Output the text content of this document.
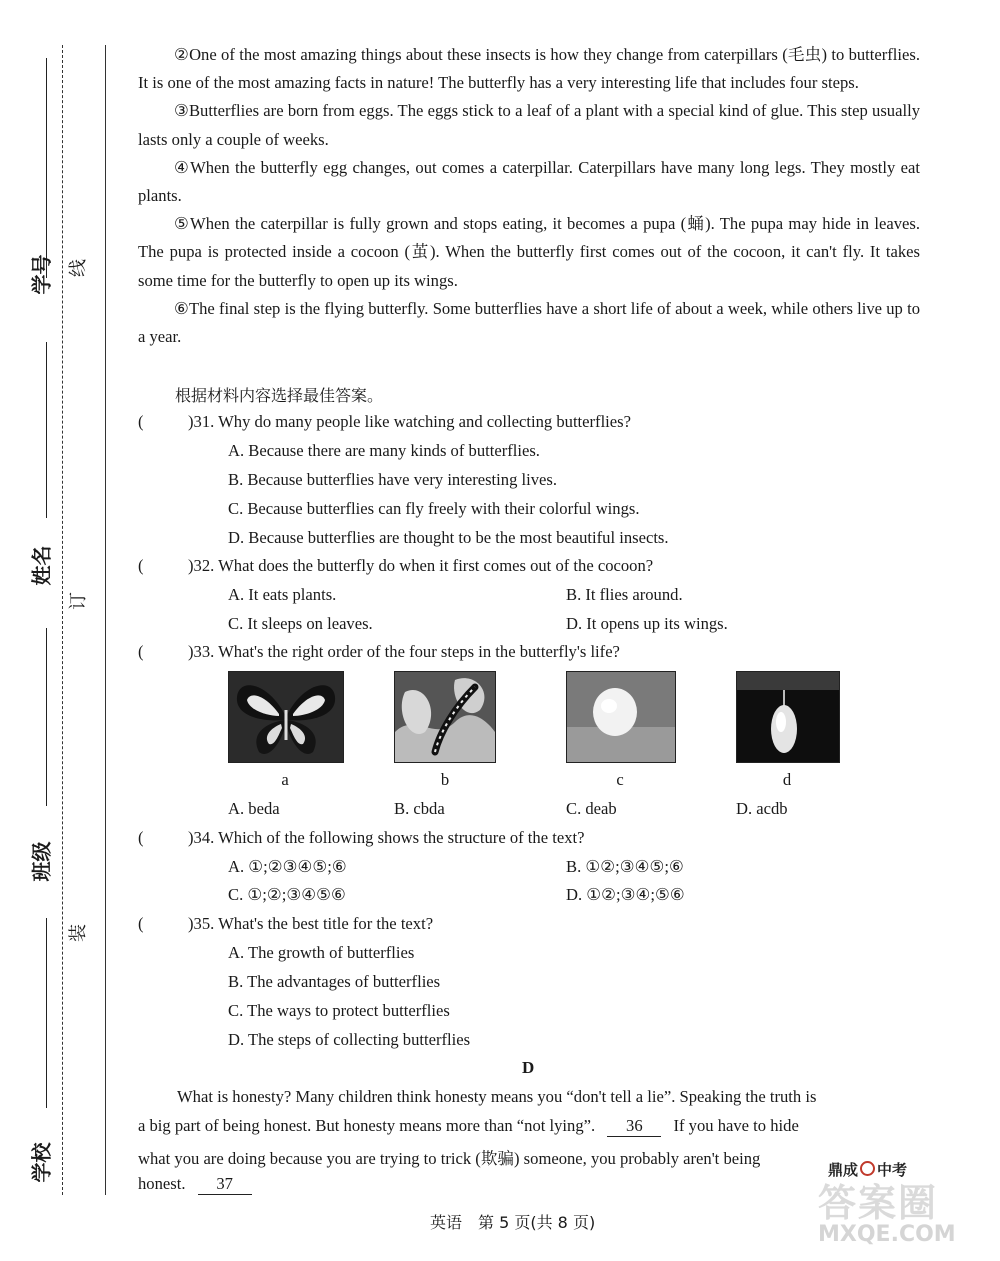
学号
姓名
班级
学校
线
订
装

②One of the most amazing things about these insects is how they change from caterpillars (毛虫) to butterflies. It is one of the most amazing facts in nature! The butterfly has a very interesting life that includes four steps.

③Butterflies are born from eggs. The eggs stick to a leaf of a plant with a special kind of glue. This step usually lasts only a couple of weeks.

④When the butterfly egg changes, out comes a caterpillar. Caterpillars have many long legs. They mostly eat plants.

⑤When the caterpillar is fully grown and stops eating, it becomes a pupa (蛹). The pupa may hide in leaves. The pupa is protected inside a cocoon (茧). When the butterfly first comes out of the cocoon, it can't fly. It takes some time for the butterfly to open up its wings.

⑥The final step is the flying butterfly. Some butterflies have a short life of about a week, while others live up to a year.

根据材料内容选择最佳答案。
(	)31. Why do many people like watching and collecting butterflies?
A. Because there are many kinds of butterflies.
B. Because butterflies have very interesting lives.
C. Because butterflies can fly freely with their colorful wings.
D. Because butterflies are thought to be the most beautiful insects.
(	)32. What does the butterfly do when it first comes out of the cocoon?
A. It eats plants.	B. It flies around.
C. It sleeps on leaves.	D. It opens up its wings.
(	)33. What's the right order of the four steps in the butterfly's life?
a	b	c	d
A. beda	B. cbda	C. deab	D. acdb
(	)34. Which of the following shows the structure of the text?
A. ①;②③④⑤;⑥	B. ①②;③④⑤;⑥
C. ①;②;③④⑤⑥	D. ①②;③④;⑤⑥
(	)35. What's the best title for the text?
A. The growth of butterflies
B. The advantages of butterflies
C. The ways to protect butterflies
D. The steps of collecting butterflies
D
What is honesty? Many children think honesty means you “don't tell a lie”. Speaking the truth is
a big part of being honest. But honesty means more than “not lying”. 36 If you have to hide
what you are doing because you are trying to trick (欺骗) someone, you probably aren't being
honest. 37
鼎成 中考
英语　第 5 页(共 8 页)	答案圈
MXQE.COM
